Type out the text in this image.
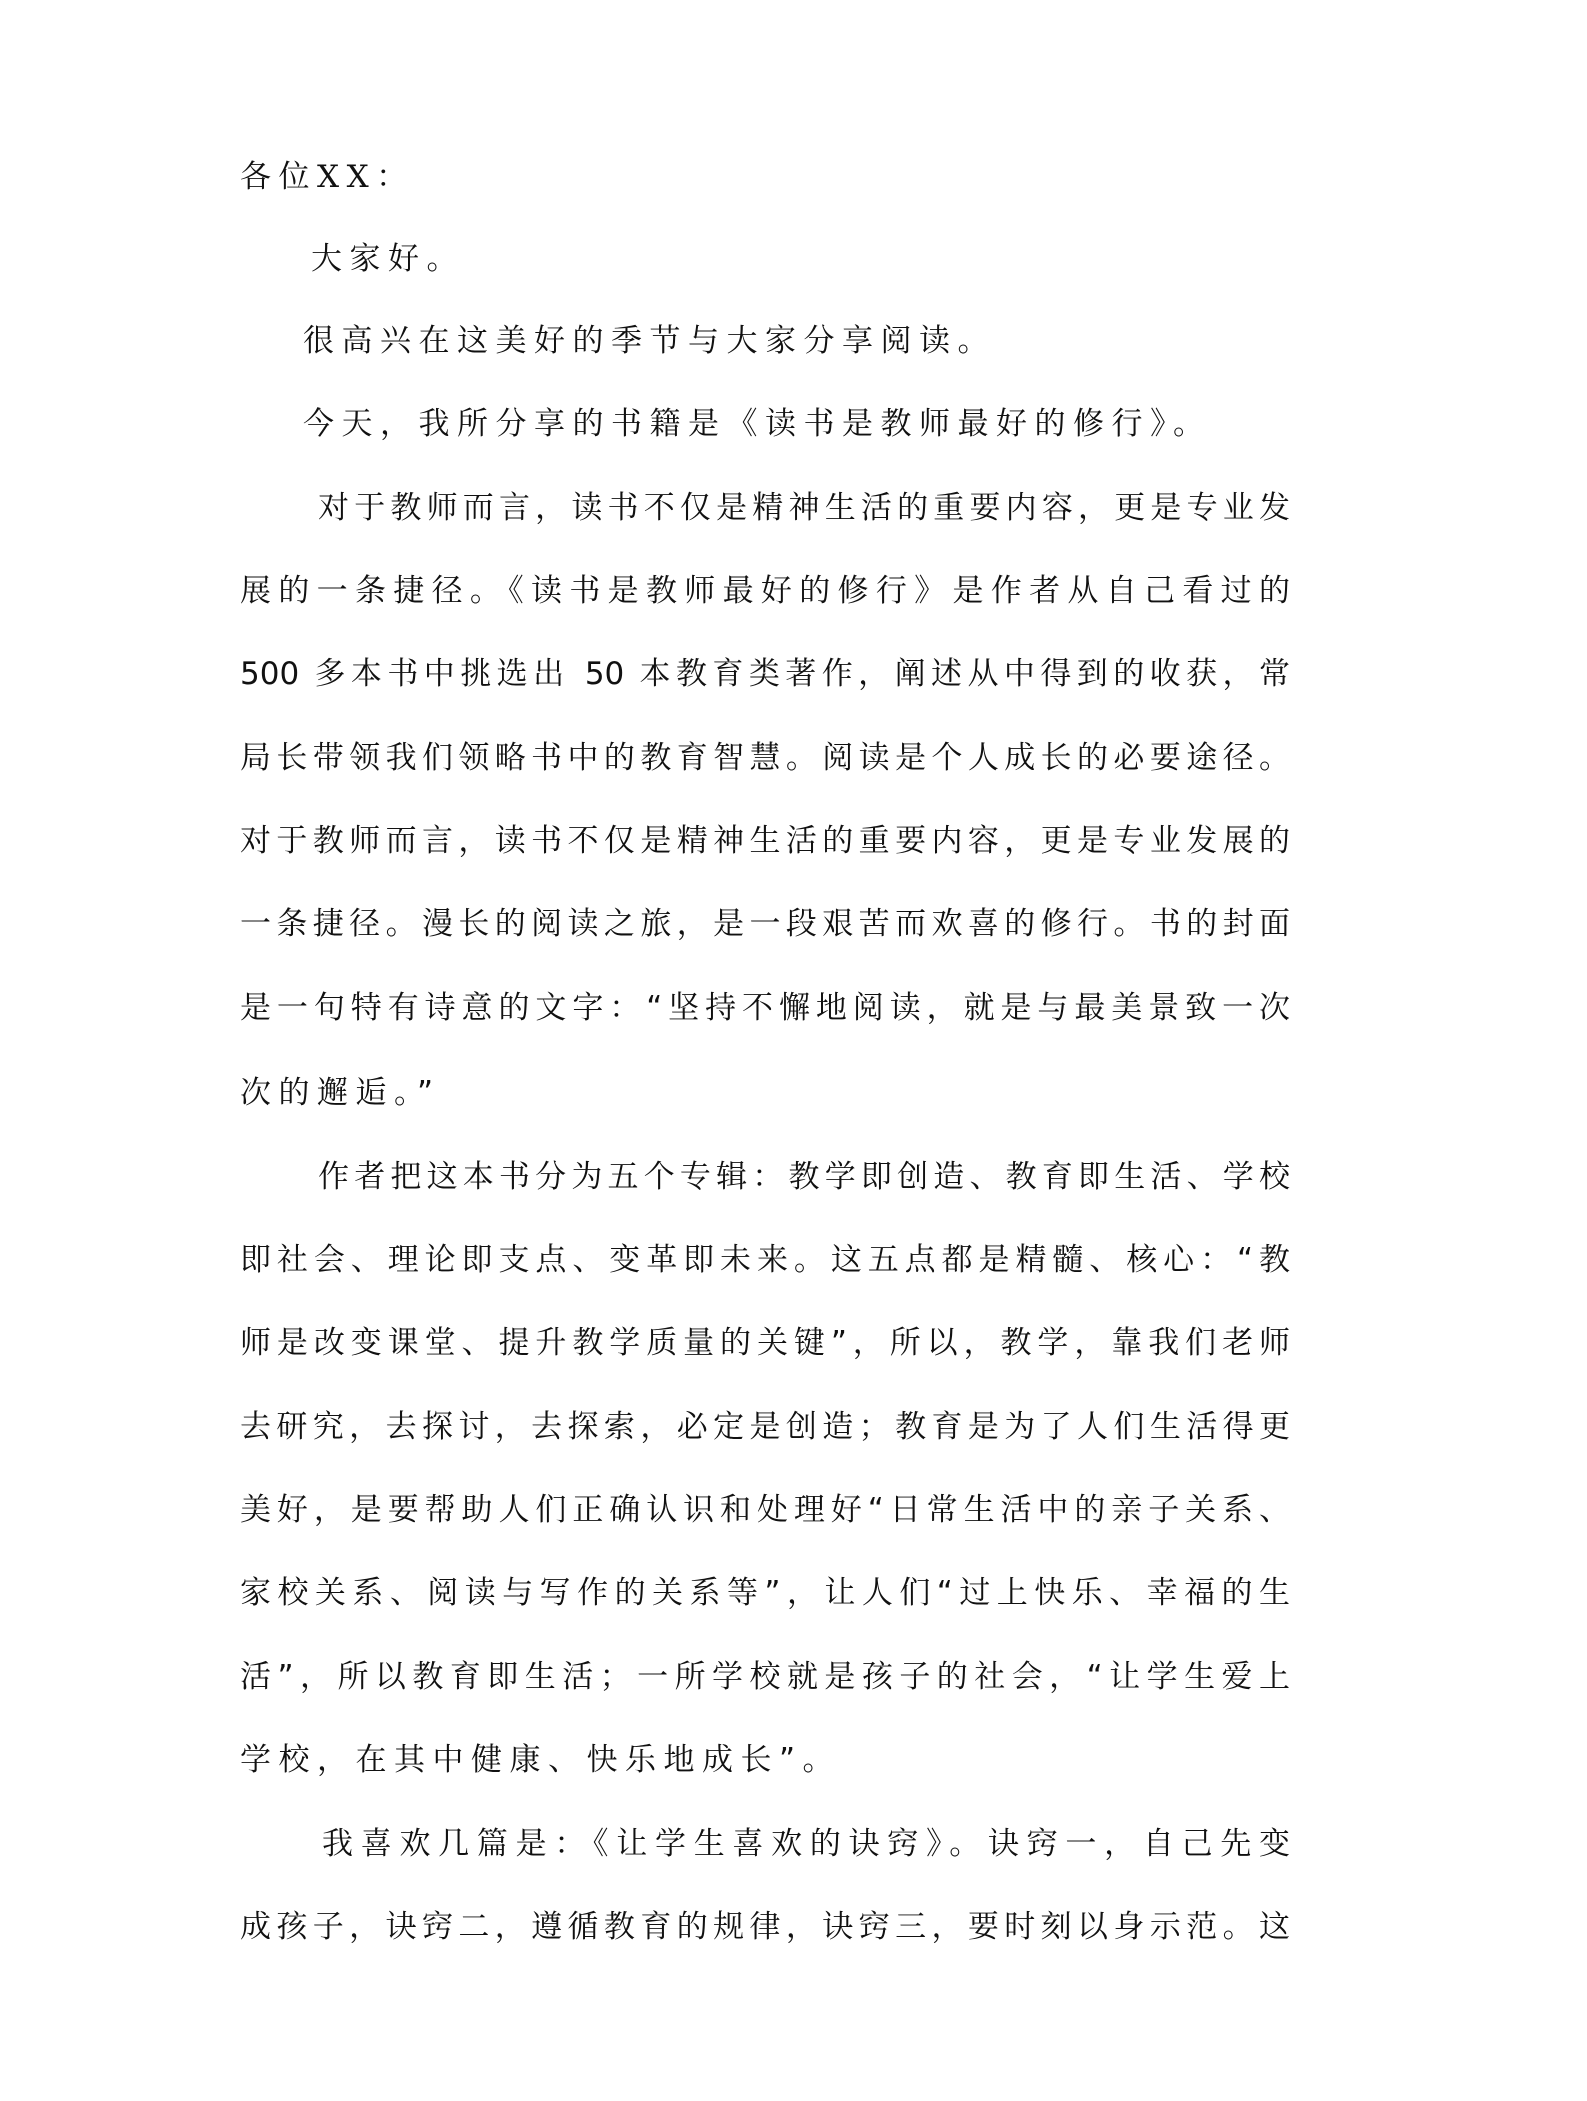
各位XX：
大家好。
很高兴在这美好的季节与大家分享阅读。
今天，我所分享的书籍是《读书是教师最好的修行》。
对于教师而言，读书不仅是精神生活的重要内容，更是专业发
展的一条捷径。《读书是教师最好的修行》是作者从自己看过的
500 多本书中挑选出 50 本教育类著作，阐述从中得到的收获，常
局长带领我们领略书中的教育智慧。阅读是个人成长的必要途径。
对于教师而言，读书不仅是精神生活的重要内容，更是专业发展的
一条捷径。漫长的阅读之旅，是一段艰苦而欢喜的修行。书的封面
是一句特有诗意的文字：“坚持不懈地阅读，就是与最美景致一次
次的邂逅。”
作者把这本书分为五个专辑：教学即创造、教育即生活、学校
即社会、理论即支点、变革即未来。这五点都是精髓、核心：“教
师是改变课堂、提升教学质量的关键”，所以，教学，靠我们老师
去研究，去探讨，去探索，必定是创造；教育是为了人们生活得更
美好，是要帮助人们正确认识和处理好“日常生活中的亲子关系、
家校关系、阅读与写作的关系等”，让人们“过上快乐、幸福的生
活”，所以教育即生活；一所学校就是孩子的社会，“让学生爱上
学校，在其中健康、快乐地成长”。
我喜欢几篇是：《让学生喜欢的诀窍》。诀窍一，自己先变
成孩子，诀窍二，遵循教育的规律，诀窍三，要时刻以身示范。这
